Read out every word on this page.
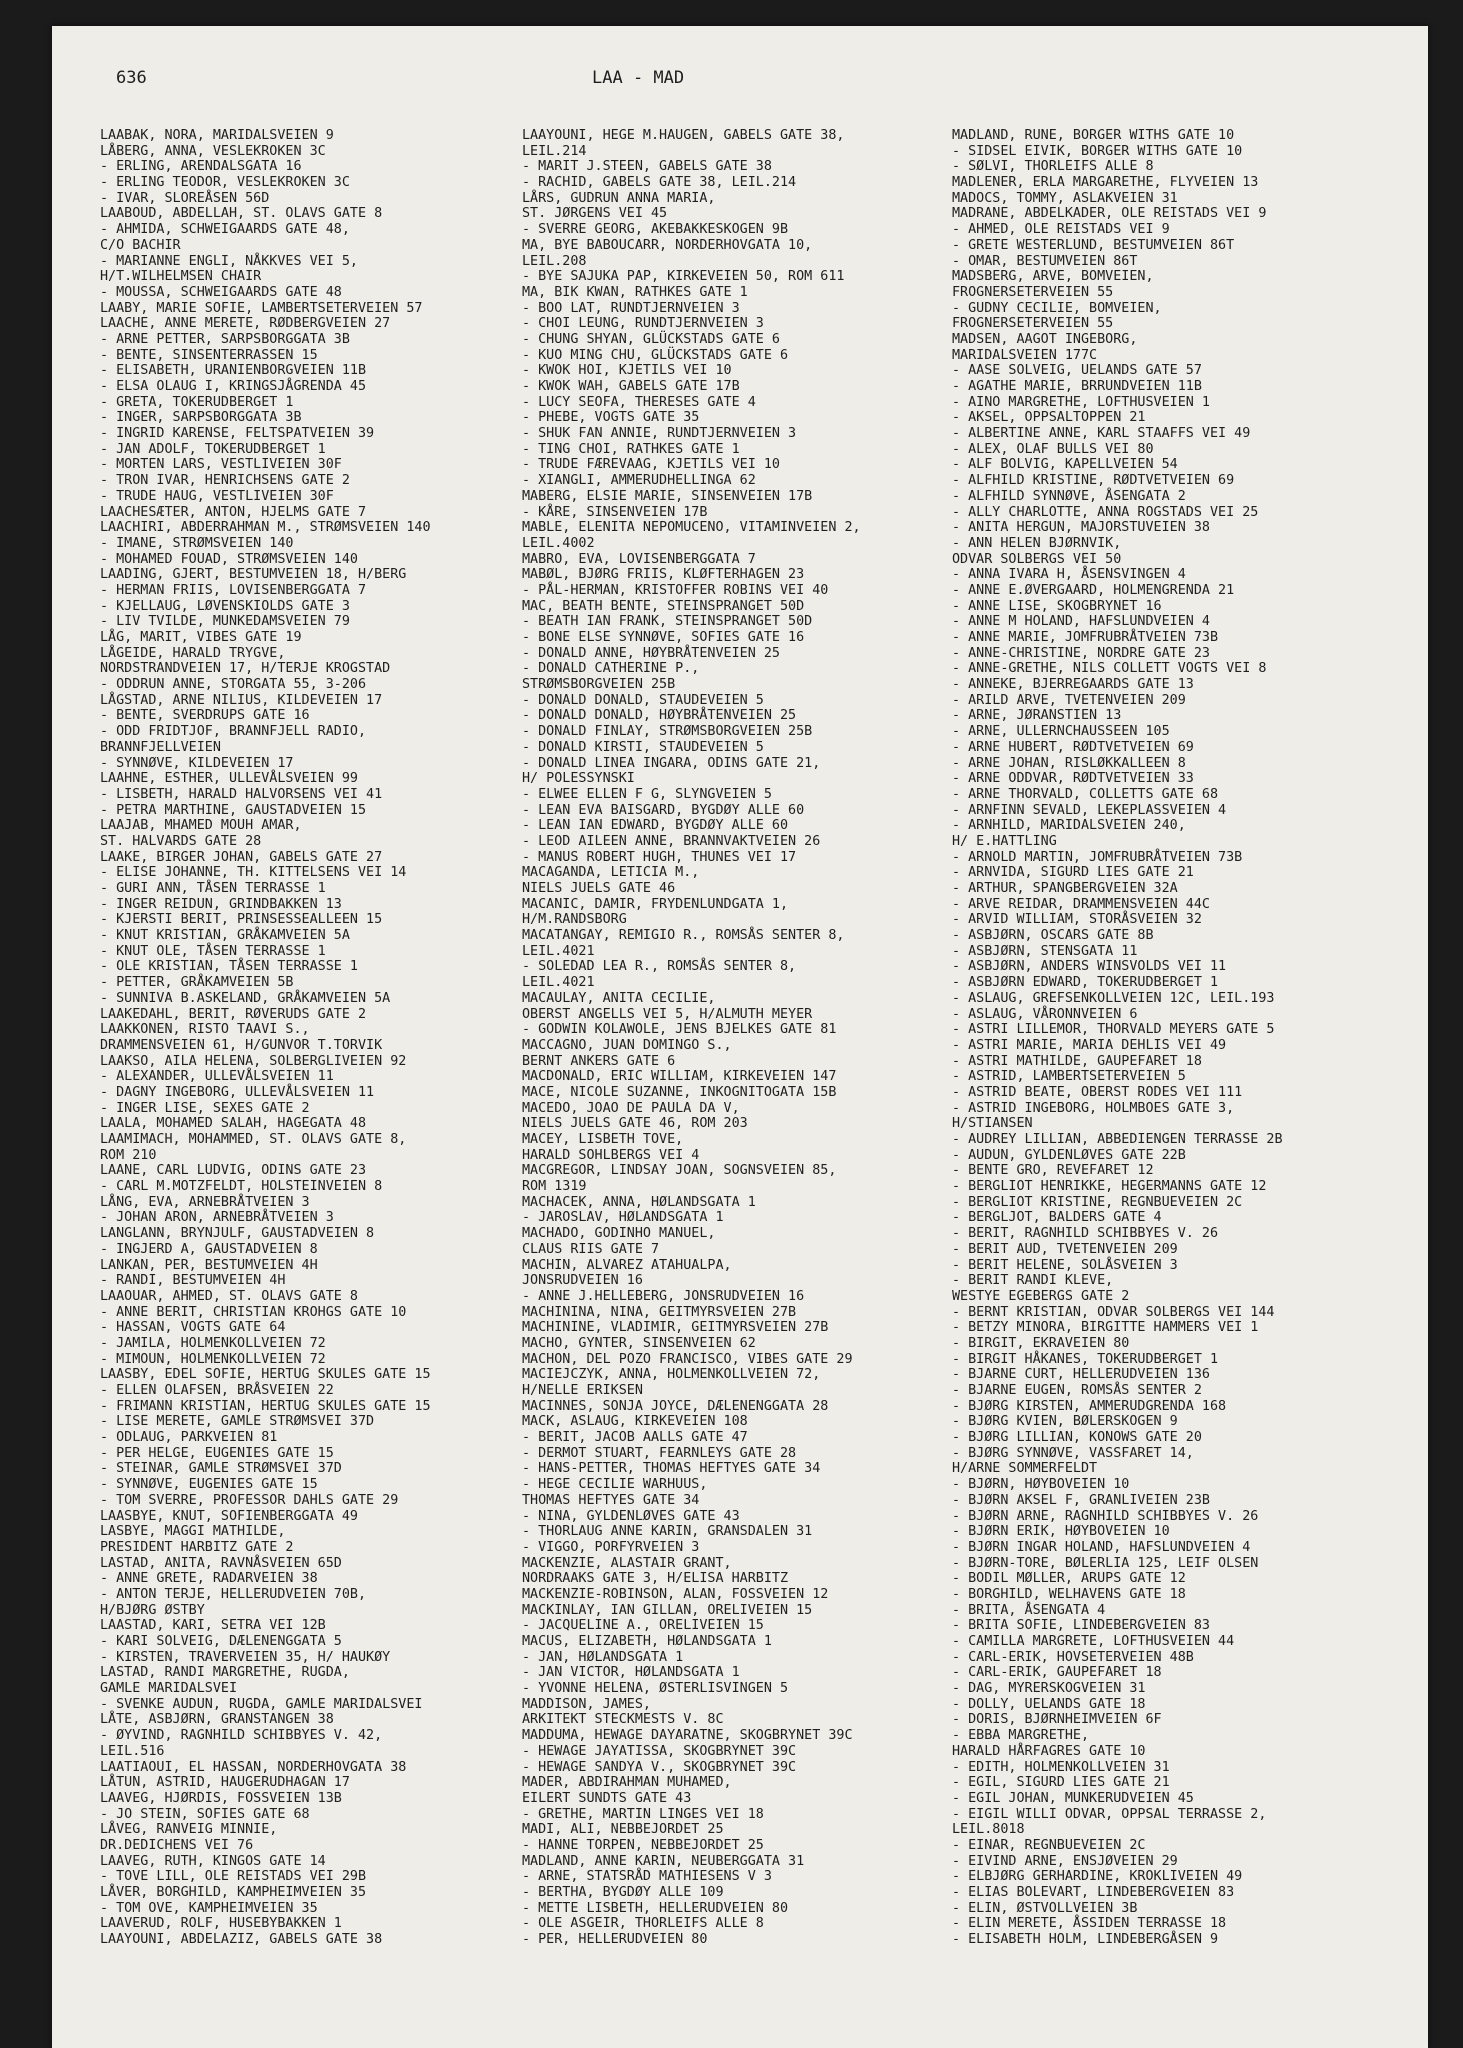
636	LAA - MAD
LAABAK, NORA, MARIDALSVEIEN 9
LÅBERG, ANNA, VESLEKROKEN 3C
- ERLING, ARENDALSGATA 16
- ERLING TEODOR, VESLEKROKEN 3C
- IVAR, SLOREÅSEN 56D
LAABOUD, ABDELLAH, ST. OLAVS GATE 8
- AHMIDA, SCHWEIGAARDS GATE 48,
C/O BACHIR
- MARIANNE ENGLI, NÅKKVES VEI 5,
H/T.WILHELMSEN CHAIR
- MOUSSA, SCHWEIGAARDS GATE 48
LAABY, MARIE SOFIE, LAMBERTSETERVEIEN 57
LAACHE, ANNE MERETE, RØDBERGVEIEN 27
- ARNE PETTER, SARPSBORGGATA 3B
- BENTE, SINSENTERRASSEN 15
- ELISABETH, URANIENBORGVEIEN 11B
- ELSA OLAUG I, KRINGSJÅGRENDA 45
- GRETA, TOKERUDBERGET 1
- INGER, SARPSBORGGATA 3B
- INGRID KARENSE, FELTSPATVEIEN 39
- JAN ADOLF, TOKERUDBERGET 1
- MORTEN LARS, VESTLIVEIEN 30F
- TRON IVAR, HENRICHSENS GATE 2
- TRUDE HAUG, VESTLIVEIEN 30F
LAACHESÆTER, ANTON, HJELMS GATE 7
LAACHIRI, ABDERRAHMAN M., STRØMSVEIEN 140
- IMANE, STRØMSVEIEN 140
- MOHAMED FOUAD, STRØMSVEIEN 140
LAADING, GJERT, BESTUMVEIEN 18, H/BERG
- HERMAN FRIIS, LOVISENBERGGATA 7
- KJELLAUG, LØVENSKIOLDS GATE 3
- LIV TVILDE, MUNKEDAMSVEIEN 79
LÅG, MARIT, VIBES GATE 19
LÅGEIDE, HARALD TRYGVE,
NORDSTRANDVEIEN 17, H/TERJE KROGSTAD
- ODDRUN ANNE, STORGATA 55, 3-206
LÅGSTAD, ARNE NILIUS, KILDEVEIEN 17
- BENTE, SVERDRUPS GATE 16
- ODD FRIDTJOF, BRANNFJELL RADIO,
BRANNFJELLVEIEN
- SYNNØVE, KILDEVEIEN 17
LAAHNE, ESTHER, ULLEVÅLSVEIEN 99
- LISBETH, HARALD HALVORSENS VEI 41
- PETRA MARTHINE, GAUSTADVEIEN 15
LAAJAB, MHAMED MOUH AMAR,
ST. HALVARDS GATE 28
LAAKE, BIRGER JOHAN, GABELS GATE 27
- ELISE JOHANNE, TH. KITTELSENS VEI 14
- GURI ANN, TÅSEN TERRASSE 1
- INGER REIDUN, GRINDBAKKEN 13
- KJERSTI BERIT, PRINSESSEALLEEN 15
- KNUT KRISTIAN, GRÅKAMVEIEN 5A
- KNUT OLE, TÅSEN TERRASSE 1
- OLE KRISTIAN, TÅSEN TERRASSE 1
- PETTER, GRÅKAMVEIEN 5B
- SUNNIVA B.ASKELAND, GRÅKAMVEIEN 5A
LAAKEDAHL, BERIT, RØVERUDS GATE 2
LAAKKONEN, RISTO TAAVI S.,
DRAMMENSVEIEN 61, H/GUNVOR T.TORVIK
LAAKSO, AILA HELENA, SOLBERGLIVEIEN 92
- ALEXANDER, ULLEVÅLSVEIEN 11
- DAGNY INGEBORG, ULLEVÅLSVEIEN 11
- INGER LISE, SEXES GATE 2
LAALA, MOHAMED SALAH, HAGEGATA 48
LAAMIMACH, MOHAMMED, ST. OLAVS GATE 8,
ROM 210
LAANE, CARL LUDVIG, ODINS GATE 23
- CARL M.MOTZFELDT, HOLSTEINVEIEN 8
LÅNG, EVA, ARNEBRÅTVEIEN 3
- JOHAN ARON, ARNEBRÅTVEIEN 3
LANGLANN, BRYNJULF, GAUSTADVEIEN 8
- INGJERD A, GAUSTADVEIEN 8
LANKAN, PER, BESTUMVEIEN 4H
- RANDI, BESTUMVEIEN 4H
LAAOUAR, AHMED, ST. OLAVS GATE 8
- ANNE BERIT, CHRISTIAN KROHGS GATE 10
- HASSAN, VOGTS GATE 64
- JAMILA, HOLMENKOLLVEIEN 72
- MIMOUN, HOLMENKOLLVEIEN 72
LAASBY, EDEL SOFIE, HERTUG SKULES GATE 15
- ELLEN OLAFSEN, BRÅSVEIEN 22
- FRIMANN KRISTIAN, HERTUG SKULES GATE 15
- LISE MERETE, GAMLE STRØMSVEI 37D
- ODLAUG, PARKVEIEN 81
- PER HELGE, EUGENIES GATE 15
- STEINAR, GAMLE STRØMSVEI 37D
- SYNNØVE, EUGENIES GATE 15
- TOM SVERRE, PROFESSOR DAHLS GATE 29
LAASBYE, KNUT, SOFIENBERGGATA 49
LASBYE, MAGGI MATHILDE,
PRESIDENT HARBITZ GATE 2
LASTAD, ANITA, RAVNÅSVEIEN 65D
- ANNE GRETE, RADARVEIEN 38
- ANTON TERJE, HELLERUDVEIEN 70B,
H/BJØRG ØSTBY
LAASTAD, KARI, SETRA VEI 12B
- KARI SOLVEIG, DÆLENENGGATA 5
- KIRSTEN, TRAVERVEIEN 35, H/ HAUKØY
LASTAD, RANDI MARGRETHE, RUGDA,
GAMLE MARIDALSVEI
- SVENKE AUDUN, RUGDA, GAMLE MARIDALSVEI
LÅTE, ASBJØRN, GRANSTANGEN 38
- ØYVIND, RAGNHILD SCHIBBYES V. 42,
LEIL.516
LAATIAOUI, EL HASSAN, NORDERHOVGATA 38
LÅTUN, ASTRID, HAUGERUDHAGAN 17
LAAVEG, HJØRDIS, FOSSVEIEN 13B
- JO STEIN, SOFIES GATE 68
LÅVEG, RANVEIG MINNIE,
DR.DEDICHENS VEI 76
LAAVEG, RUTH, KINGOS GATE 14
- TOVE LILL, OLE REISTADS VEI 29B
LÅVER, BORGHILD, KAMPHEIMVEIEN 35
- TOM OVE, KAMPHEIMVEIEN 35
LAAVERUD, ROLF, HUSEBYBAKKEN 1
LAAYOUNI, ABDELAZIZ, GABELS GATE 38
LAAYOUNI, HEGE M.HAUGEN, GABELS GATE 38,
LEIL.214
- MARIT J.STEEN, GABELS GATE 38
- RACHID, GABELS GATE 38, LEIL.214
LÅRS, GUDRUN ANNA MARIA,
ST. JØRGENS VEI 45
- SVERRE GEORG, AKEBAKKESKOGEN 9B
MA, BYE BABOUCARR, NORDERHOVGATA 10,
LEIL.208
- BYE SAJUKA PAP, KIRKEVEIEN 50, ROM 611
MA, BIK KWAN, RATHKES GATE 1
- BOO LAT, RUNDTJERNVEIEN 3
- CHOI LEUNG, RUNDTJERNVEIEN 3
- CHUNG SHYAN, GLÜCKSTADS GATE 6
- KUO MING CHU, GLÜCKSTADS GATE 6
- KWOK HOI, KJETILS VEI 10
- KWOK WAH, GABELS GATE 17B
- LUCY SEOFA, THERESES GATE 4
- PHEBE, VOGTS GATE 35
- SHUK FAN ANNIE, RUNDTJERNVEIEN 3
- TING CHOI, RATHKES GATE 1
- TRUDE FÆREVAAG, KJETILS VEI 10
- XIANGLI, AMMERUDHELLINGA 62
MABERG, ELSIE MARIE, SINSENVEIEN 17B
- KÅRE, SINSENVEIEN 17B
MABLE, ELENITA NEPOMUCENO, VITAMINVEIEN 2,
LEIL.4002
MABRO, EVA, LOVISENBERGGATA 7
MABØL, BJØRG FRIIS, KLØFTERHAGEN 23
- PÅL-HERMAN, KRISTOFFER ROBINS VEI 40
MAC, BEATH BENTE, STEINSPRANGET 50D
- BEATH IAN FRANK, STEINSPRANGET 50D
- BONE ELSE SYNNØVE, SOFIES GATE 16
- DONALD ANNE, HØYBRÅTENVEIEN 25
- DONALD CATHERINE P.,
STRØMSBORGVEIEN 25B
- DONALD DONALD, STAUDEVEIEN 5
- DONALD DONALD, HØYBRÅTENVEIEN 25
- DONALD FINLAY, STRØMSBORGVEIEN 25B
- DONALD KIRSTI, STAUDEVEIEN 5
- DONALD LINEA INGARA, ODINS GATE 21,
H/ POLESSYNSKI
- ELWEE ELLEN F G, SLYNGVEIEN 5
- LEAN EVA BAISGARD, BYGDØY ALLE 60
- LEAN IAN EDWARD, BYGDØY ALLE 60
- LEOD AILEEN ANNE, BRANNVAKTVEIEN 26
- MANUS ROBERT HUGH, THUNES VEI 17
MACAGANDA, LETICIA M.,
NIELS JUELS GATE 46
MACANIC, DAMIR, FRYDENLUNDGATA 1,
H/M.RANDSBORG
MACATANGAY, REMIGIO R., ROMSÅS SENTER 8,
LEIL.4021
- SOLEDAD LEA R., ROMSÅS SENTER 8,
LEIL.4021
MACAULAY, ANITA CECILIE,
OBERST ANGELLS VEI 5, H/ALMUTH MEYER
- GODWIN KOLAWOLE, JENS BJELKES GATE 81
MACCAGNO, JUAN DOMINGO S.,
BERNT ANKERS GATE 6
MACDONALD, ERIC WILLIAM, KIRKEVEIEN 147
MACE, NICOLE SUZANNE, INKOGNITOGATA 15B
MACEDO, JOAO DE PAULA DA V,
NIELS JUELS GATE 46, ROM 203
MACEY, LISBETH TOVE,
HARALD SOHLBERGS VEI 4
MACGREGOR, LINDSAY JOAN, SOGNSVEIEN 85,
ROM 1319
MACHACEK, ANNA, HØLANDSGATA 1
- JAROSLAV, HØLANDSGATA 1
MACHADO, GODINHO MANUEL,
CLAUS RIIS GATE 7
MACHIN, ALVAREZ ATAHUALPA,
JONSRUDVEIEN 16
- ANNE J.HELLEBERG, JONSRUDVEIEN 16
MACHININA, NINA, GEITMYRSVEIEN 27B
MACHININE, VLADIMIR, GEITMYRSVEIEN 27B
MACHO, GYNTER, SINSENVEIEN 62
MACHON, DEL POZO FRANCISCO, VIBES GATE 29
MACIEJCZYK, ANNA, HOLMENKOLLVEIEN 72,
H/NELLE ERIKSEN
MACINNES, SONJA JOYCE, DÆLENENGGATA 28
MACK, ASLAUG, KIRKEVEIEN 108
- BERIT, JACOB AALLS GATE 47
- DERMOT STUART, FEARNLEYS GATE 28
- HANS-PETTER, THOMAS HEFTYES GATE 34
- HEGE CECILIE WARHUUS,
THOMAS HEFTYES GATE 34
- NINA, GYLDENLØVES GATE 43
- THORLAUG ANNE KARIN, GRANSDALEN 31
- VIGGO, PORFYRVEIEN 3
MACKENZIE, ALASTAIR GRANT,
NORDRAAKS GATE 3, H/ELISA HARBITZ
MACKENZIE-ROBINSON, ALAN, FOSSVEIEN 12
MACKINLAY, IAN GILLAN, ORELIVEIEN 15
- JACQUELINE A., ORELIVEIEN 15
MACUS, ELIZABETH, HØLANDSGATA 1
- JAN, HØLANDSGATA 1
- JAN VICTOR, HØLANDSGATA 1
- YVONNE HELENA, ØSTERLISVINGEN 5
MADDISON, JAMES,
ARKITEKT STECKMESTS V. 8C
MADDUMA, HEWAGE DAYARATNE, SKOGBRYNET 39C
- HEWAGE JAYATISSA, SKOGBRYNET 39C
- HEWAGE SANDYA V., SKOGBRYNET 39C
MADER, ABDIRAHMAN MUHAMED,
EILERT SUNDTS GATE 43
- GRETHE, MARTIN LINGES VEI 18
MADI, ALI, NEBBEJORDET 25
- HANNE TORPEN, NEBBEJORDET 25
MADLAND, ANNE KARIN, NEUBERGGATA 31
- ARNE, STATSRÅD MATHIESENS V 3
- BERTHA, BYGDØY ALLE 109
- METTE LISBETH, HELLERUDVEIEN 80
- OLE ASGEIR, THORLEIFS ALLE 8
- PER, HELLERUDVEIEN 80
MADLAND, RUNE, BORGER WITHS GATE 10
- SIDSEL EIVIK, BORGER WITHS GATE 10
- SØLVI, THORLEIFS ALLE 8
MADLENER, ERLA MARGARETHE, FLYVEIEN 13
MADOCS, TOMMY, ASLAKVEIEN 31
MADRANE, ABDELKADER, OLE REISTADS VEI 9
- AHMED, OLE REISTADS VEI 9
- GRETE WESTERLUND, BESTUMVEIEN 86T
- OMAR, BESTUMVEIEN 86T
MADSBERG, ARVE, BOMVEIEN,
FROGNERSETERVEIEN 55
- GUDNY CECILIE, BOMVEIEN,
FROGNERSETERVEIEN 55
MADSEN, AAGOT INGEBORG,
MARIDALSVEIEN 177C
- AASE SOLVEIG, UELANDS GATE 57
- AGATHE MARIE, BRRUNDVEIEN 11B
- AINO MARGRETHE, LOFTHUSVEIEN 1
- AKSEL, OPPSALTOPPEN 21
- ALBERTINE ANNE, KARL STAAFFS VEI 49
- ALEX, OLAF BULLS VEI 80
- ALF BOLVIG, KAPELLVEIEN 54
- ALFHILD KRISTINE, RØDTVETVEIEN 69
- ALFHILD SYNNØVE, ÅSENGATA 2
- ALLY CHARLOTTE, ANNA ROGSTADS VEI 25
- ANITA HERGUN, MAJORSTUVEIEN 38
- ANN HELEN BJØRNVIK,
ODVAR SOLBERGS VEI 50
- ANNA IVARA H, ÅSENSVINGEN 4
- ANNE E.ØVERGAARD, HOLMENGRENDA 21
- ANNE LISE, SKOGBRYNET 16
- ANNE M HOLAND, HAFSLUNDVEIEN 4
- ANNE MARIE, JOMFRUBRÅTVEIEN 73B
- ANNE-CHRISTINE, NORDRE GATE 23
- ANNE-GRETHE, NILS COLLETT VOGTS VEI 8
- ANNEKE, BJERREGAARDS GATE 13
- ARILD ARVE, TVETENVEIEN 209
- ARNE, JØRANSTIEN 13
- ARNE, ULLERNCHAUSSEEN 105
- ARNE HUBERT, RØDTVETVEIEN 69
- ARNE JOHAN, RISLØKKALLEEN 8
- ARNE ODDVAR, RØDTVETVEIEN 33
- ARNE THORVALD, COLLETTS GATE 68
- ARNFINN SEVALD, LEKEPLASSVEIEN 4
- ARNHILD, MARIDALSVEIEN 240,
H/ E.HATTLING
- ARNOLD MARTIN, JOMFRUBRÅTVEIEN 73B
- ARNVIDA, SIGURD LIES GATE 21
- ARTHUR, SPANGBERGVEIEN 32A
- ARVE REIDAR, DRAMMENSVEIEN 44C
- ARVID WILLIAM, STORÅSVEIEN 32
- ASBJØRN, OSCARS GATE 8B
- ASBJØRN, STENSGATA 11
- ASBJØRN, ANDERS WINSVOLDS VEI 11
- ASBJØRN EDWARD, TOKERUDBERGET 1
- ASLAUG, GREFSENKOLLVEIEN 12C, LEIL.193
- ASLAUG, VÅRONNVEIEN 6
- ASTRI LILLEMOR, THORVALD MEYERS GATE 5
- ASTRI MARIE, MARIA DEHLIS VEI 49
- ASTRI MATHILDE, GAUPEFARET 18
- ASTRID, LAMBERTSETERVEIEN 5
- ASTRID BEATE, OBERST RODES VEI 111
- ASTRID INGEBORG, HOLMBOES GATE 3,
H/STIANSEN
- AUDREY LILLIAN, ABBEDIENGEN TERRASSE 2B
- AUDUN, GYLDENLØVES GATE 22B
- BENTE GRO, REVEFARET 12
- BERGLIOT HENRIKKE, HEGERMANNS GATE 12
- BERGLIOT KRISTINE, REGNBUEVEIEN 2C
- BERGLJOT, BALDERS GATE 4
- BERIT, RAGNHILD SCHIBBYES V. 26
- BERIT AUD, TVETENVEIEN 209
- BERIT HELENE, SOLÅSVEIEN 3
- BERIT RANDI KLEVE,
WESTYE EGEBERGS GATE 2
- BERNT KRISTIAN, ODVAR SOLBERGS VEI 144
- BETZY MINORA, BIRGITTE HAMMERS VEI 1
- BIRGIT, EKRAVEIEN 80
- BIRGIT HÅKANES, TOKERUDBERGET 1
- BJARNE CURT, HELLERUDVEIEN 136
- BJARNE EUGEN, ROMSÅS SENTER 2
- BJØRG KIRSTEN, AMMERUDGRENDA 168
- BJØRG KVIEN, BØLERSKOGEN 9
- BJØRG LILLIAN, KONOWS GATE 20
- BJØRG SYNNØVE, VASSFARET 14,
H/ARNE SOMMERFELDT
- BJØRN, HØYBOVEIEN 10
- BJØRN AKSEL F, GRANLIVEIEN 23B
- BJØRN ARNE, RAGNHILD SCHIBBYES V. 26
- BJØRN ERIK, HØYBOVEIEN 10
- BJØRN INGAR HOLAND, HAFSLUNDVEIEN 4
- BJØRN-TORE, BØLERLIA 125, LEIF OLSEN
- BODIL MØLLER, ARUPS GATE 12
- BORGHILD, WELHAVENS GATE 18
- BRITA, ÅSENGATA 4
- BRITA SOFIE, LINDEBERGVEIEN 83
- CAMILLA MARGRETE, LOFTHUSVEIEN 44
- CARL-ERIK, HOVSETERVEIEN 48B
- CARL-ERIK, GAUPEFARET 18
- DAG, MYRERSKOGVEIEN 31
- DOLLY, UELANDS GATE 18
- DORIS, BJØRNHEIMVEIEN 6F
- EBBA MARGRETHE,
HARALD HÅRFAGRES GATE 10
- EDITH, HOLMENKOLLVEIEN 31
- EGIL, SIGURD LIES GATE 21
- EGIL JOHAN, MUNKERUDVEIEN 45
- EIGIL WILLI ODVAR, OPPSAL TERRASSE 2,
LEIL.8018
- EINAR, REGNBUEVEIEN 2C
- EIVIND ARNE, ENSJØVEIEN 29
- ELBJØRG GERHARDINE, KROKLIVEIEN 49
- ELIAS BOLEVART, LINDEBERGVEIEN 83
- ELIN, ØSTVOLLVEIEN 3B
- ELIN MERETE, ÅSSIDEN TERRASSE 18
- ELISABETH HOLM, LINDEBERGÅSEN 9
